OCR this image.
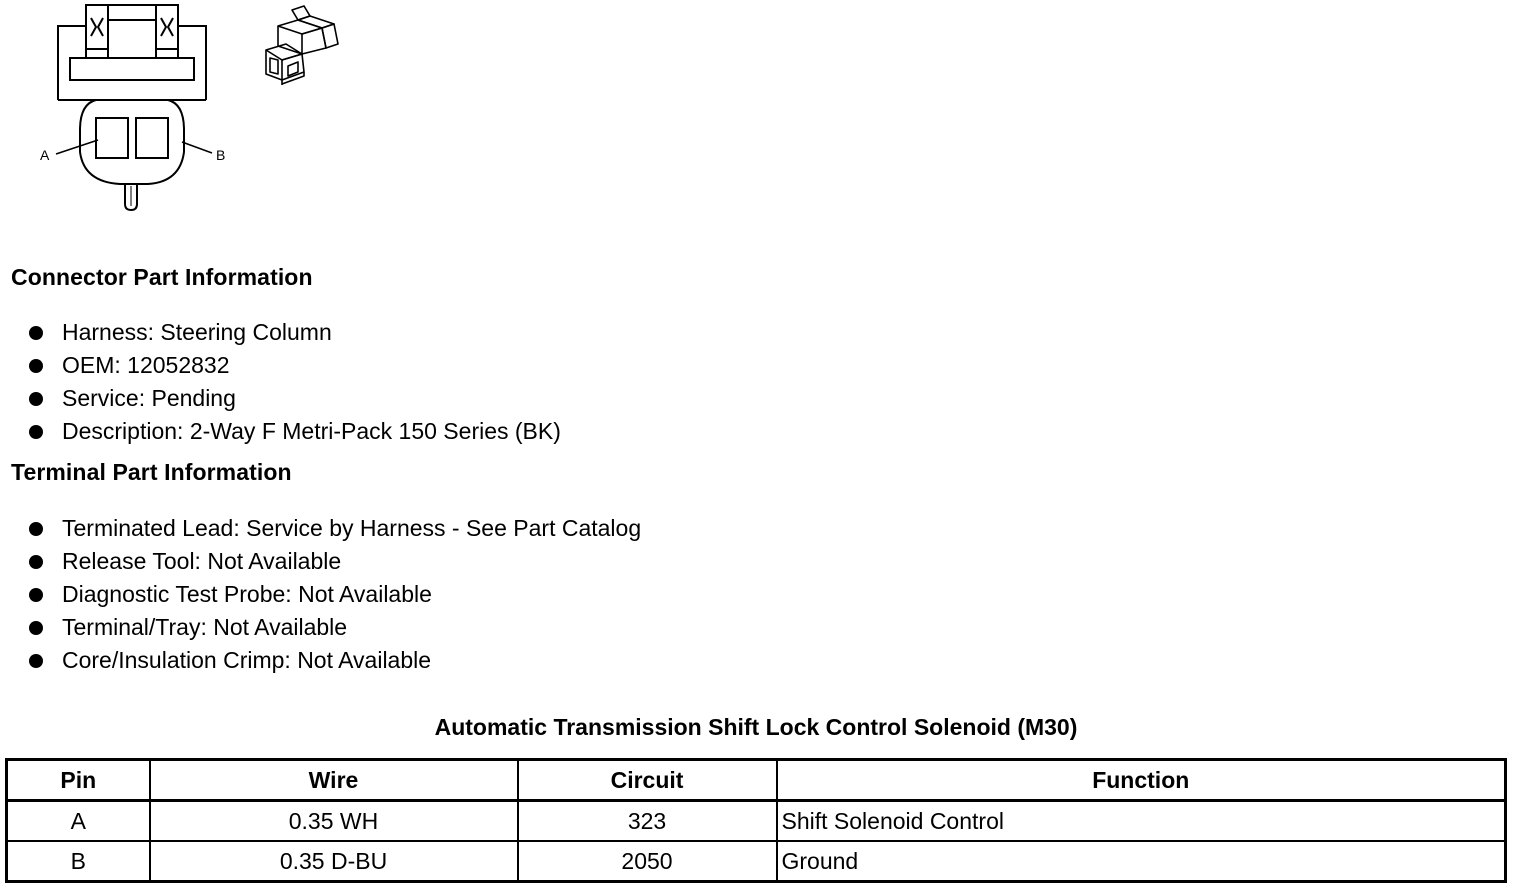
A	B
Connector Part Information
Harness: Steering Column
OEM: 12052832
Service: Pending
Description: 2-Way F Metri-Pack 150 Series (BK)
Terminal Part Information
Terminated Lead: Service by Harness - See Part Catalog
Release Tool: Not Available
Diagnostic Test Probe: Not Available
Terminal/Tray: Not Available
Core/Insulation Crimp: Not Available
Automatic Transmission Shift Lock Control Solenoid (M30)
Pin	Wire	Circuit	Function
A	0.35 WH	323	Shift Solenoid Control
B	0.35 D-BU	2050	Ground
